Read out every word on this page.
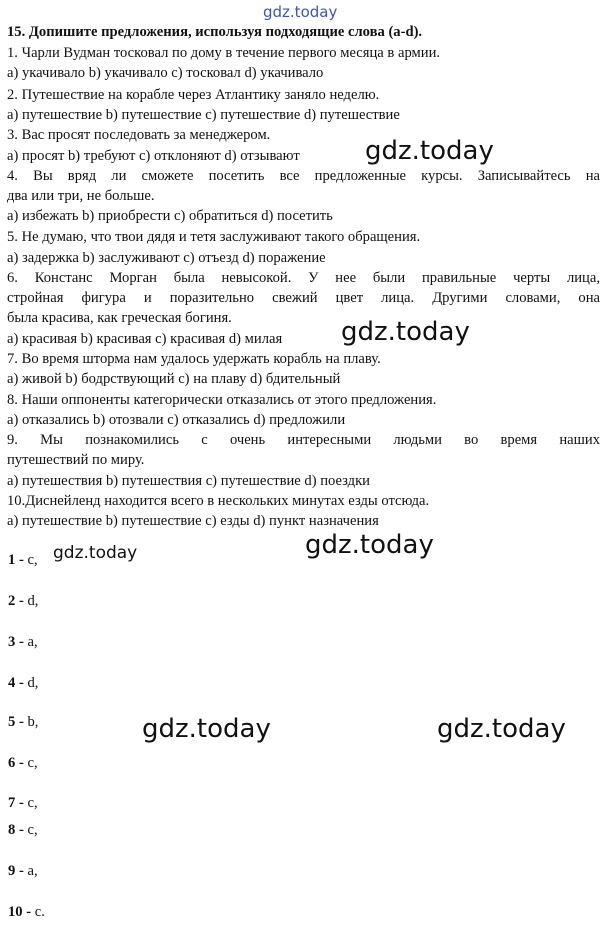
gdz.today
15. Допишите предложения, используя подходящие слова (a-d).
1. Чарли Вудман тосковал по дому в течение первого месяца в армии.
a) укачивало b) укачивало c) тосковал d) укачивало
2. Путешествие на корабле через Атлантику заняло неделю.
a) путешествие b) путешествие c) путешествие d) путешествие
3. Вас просят последовать за менеджером.
a) просят b) требуют c) отклоняют d) отзывают
4. Вы вряд ли сможете посетить все предложенные курсы. Записывайтесь на
два или три, не больше.
a) избежать b) приобрести c) обратиться d) посетить
5. Не думаю, что твои дядя и тетя заслуживают такого обращения.
a) задержка b) заслуживают c) отъезд d) поражение
6. Констанс Морган была невысокой. У нее были правильные черты лица,
стройная фигура и поразительно свежий цвет лица. Другими словами, она
была красива, как греческая богиня.
a) красивая b) красивая c) красивая d) милая
7. Во время шторма нам удалось удержать корабль на плаву.
a) живой b) бодрствующий c) на плаву d) бдительный
8. Наши оппоненты категорически отказались от этого предложения.
a) отказались b) отозвали c) отказались d) предложили
9. Мы познакомились с очень интересными людьми во время наших
путешествий по миру.
a) путешествия b) путешествия c) путешествие d) поездки
10.Диснейленд находится всего в нескольких минутах езды отсюда.
a) путешествие b) путешествие c) езды d) пункт назначения
1 - c,
2 - d,
3 - a,
4 - d,
5 - b,
6 - c,
7 - c,
8 - c,
9 - a,
10 - c.
gdz.today
gdz.today
gdz.today	gdz.today
gdz.today	gdz.today
